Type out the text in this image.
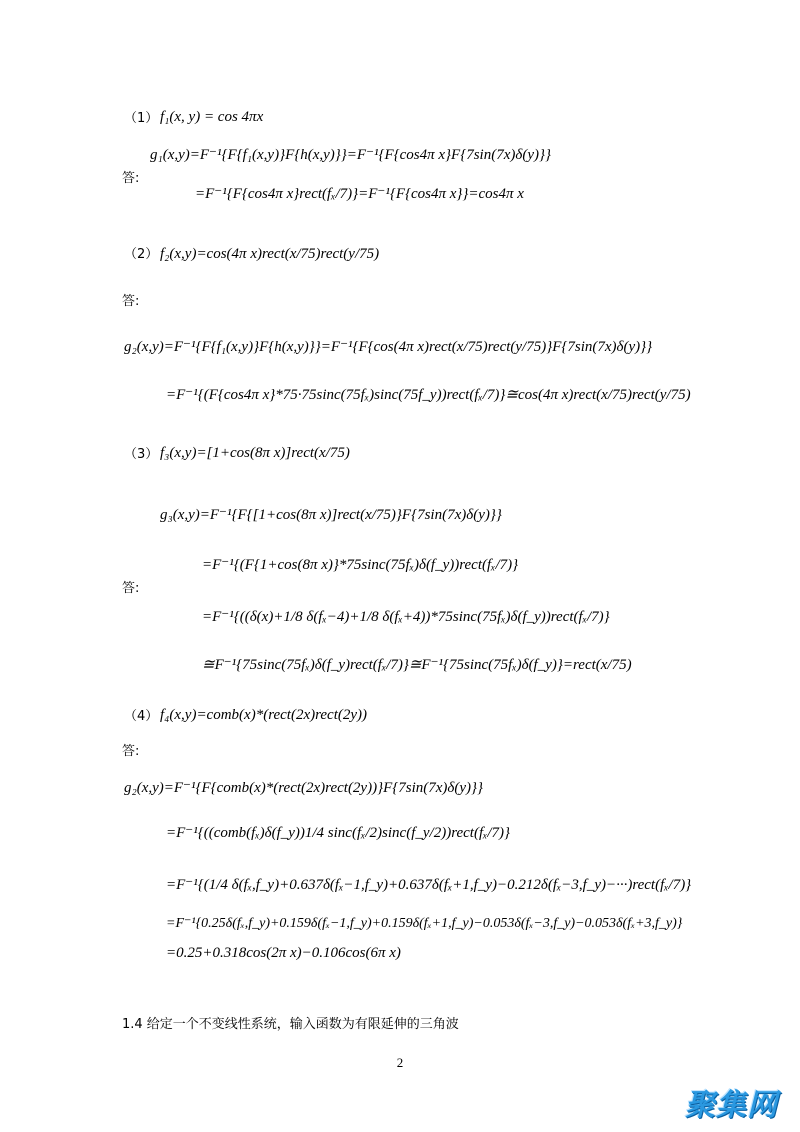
（1） f₁(x, y) = cos 4πx
g₁(x,y)=F⁻¹{F{f₁(x,y)}F{h(x,y)}}=F⁻¹{F{cos4π x}F{7sin(7x)δ(y)}}
答:
=F⁻¹{F{cos4π x}rect(fₓ/7)}=F⁻¹{F{cos4π x}}=cos4π x
（2） f₂(x,y)=cos(4π x)rect(x/75)rect(y/75)
答:
g₂(x,y)=F⁻¹{F{f₁(x,y)}F{h(x,y)}}=F⁻¹{F{cos(4π x)rect(x/75)rect(y/75)}F{7sin(7x)δ(y)}}
=F⁻¹{(F{cos4π x}*75·75sinc(75fₓ)sinc(75f_y))rect(fₓ/7)}≅cos(4π x)rect(x/75)rect(y/75)
（3） f₃(x,y)=[1+cos(8π x)]rect(x/75)
g₃(x,y)=F⁻¹{F{[1+cos(8π x)]rect(x/75)}F{7sin(7x)δ(y)}}
=F⁻¹{(F{1+cos(8π x)}*75sinc(75fₓ)δ(f_y))rect(fₓ/7)}
答:
=F⁻¹{((δ(x)+1/8 δ(fₓ−4)+1/8 δ(fₓ+4))*75sinc(75fₓ)δ(f_y))rect(fₓ/7)}
≅F⁻¹{75sinc(75fₓ)δ(f_y)rect(fₓ/7)}≅F⁻¹{75sinc(75fₓ)δ(f_y)}=rect(x/75)
（4） f₄(x,y)=comb(x)*(rect(2x)rect(2y))
答:
g₂(x,y)=F⁻¹{F{comb(x)*(rect(2x)rect(2y))}F{7sin(7x)δ(y)}}
=F⁻¹{((comb(fₓ)δ(f_y))1/4 sinc(fₓ/2)sinc(f_y/2))rect(fₓ/7)}
=F⁻¹{(1/4 δ(fₓ,f_y)+0.637δ(fₓ−1,f_y)+0.637δ(fₓ+1,f_y)−0.212δ(fₓ−3,f_y)−···)rect(fₓ/7)}
=F⁻¹{0.25δ(fₓ,f_y)+0.159δ(fₓ−1,f_y)+0.159δ(fₓ+1,f_y)−0.053δ(fₓ−3,f_y)−0.053δ(fₓ+3,f_y)}
=0.25+0.318cos(2π x)−0.106cos(6π x)
1.4 给定一个不变线性系统，输入函数为有限延伸的三角波
2
聚集网
